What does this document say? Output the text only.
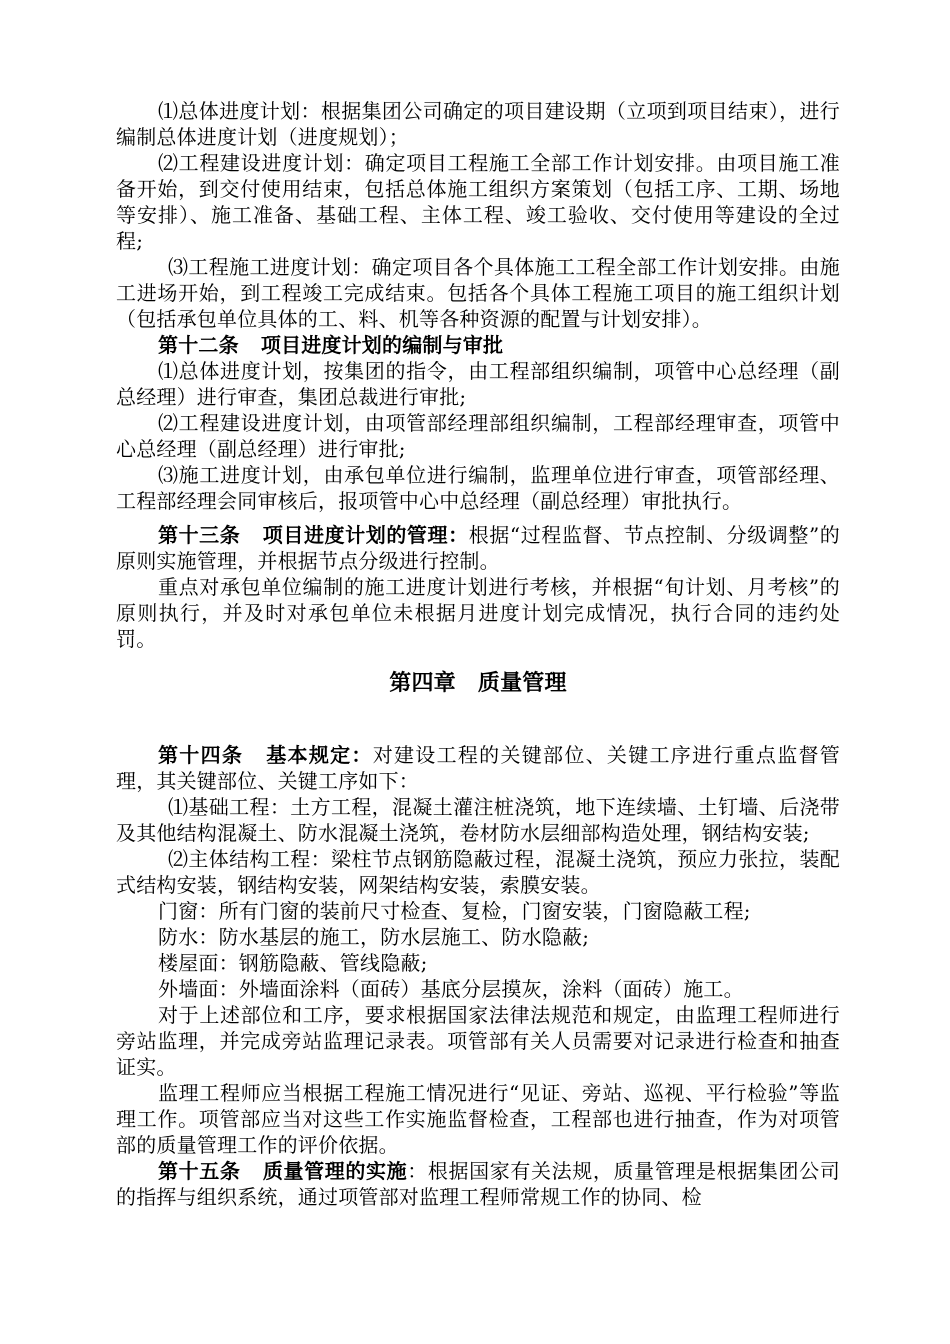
⑴总体进度计划：根据集团公司确定的项目建设期（立项到项目结束），进行编制总体进度计划（进度规划）；

⑵工程建设进度计划：确定项目工程施工全部工作计划安排。由项目施工准备开始，到交付使用结束，包括总体施工组织方案策划（包括工序、工期、场地等安排）、施工准备、基础工程、主体工程、竣工验收、交付使用等建设的全过程;

⑶工程施工进度计划：确定项目各个具体施工工程全部工作计划安排。由施工进场开始，到工程竣工完成结束。包括各个具体工程施工项目的施工组织计划（包括承包单位具体的工、料、机等各种资源的配置与计划安排）。

第十二条 项目进度计划的编制与审批

⑴总体进度计划，按集团的指令，由工程部组织编制，项管中心总经理（副总经理）进行审查，集团总裁进行审批;

⑵工程建设进度计划，由项管部经理部组织编制，工程部经理审查，项管中心总经理（副总经理）进行审批;

⑶施工进度计划，由承包单位进行编制，监理单位进行审查，项管部经理、工程部经理会同审核后，报项管中心中总经理（副总经理）审批执行。

第十三条 项目进度计划的管理：根据“过程监督、节点控制、分级调整”的原则实施管理，并根据节点分级进行控制。

重点对承包单位编制的施工进度计划进行考核，并根据“旬计划、月考核”的原则执行，并及时对承包单位未根据月进度计划完成情况，执行合同的违约处罚。

第四章 质量管理

第十四条 基本规定：对建设工程的关键部位、关键工序进行重点监督管理，其关键部位、关键工序如下：

⑴基础工程：土方工程，混凝土灌注桩浇筑，地下连续墙、土钉墙、后浇带及其他结构混凝土、防水混凝土浇筑，卷材防水层细部构造处理，钢结构安装;

⑵主体结构工程：梁柱节点钢筋隐蔽过程，混凝土浇筑，预应力张拉，装配式结构安装，钢结构安装，网架结构安装，索膜安装。

门窗：所有门窗的装前尺寸检查、复检，门窗安装，门窗隐蔽工程;

防水：防水基层的施工，防水层施工、防水隐蔽;

楼屋面：钢筋隐蔽、管线隐蔽;

外墙面：外墙面涂料（面砖）基底分层摸灰，涂料（面砖）施工。

对于上述部位和工序，要求根据国家法律法规范和规定，由监理工程师进行旁站监理，并完成旁站监理记录表。项管部有关人员需要对记录进行检查和抽查证实。

监理工程师应当根据工程施工情况进行“见证、旁站、巡视、平行检验”等监理工作。项管部应当对这些工作实施监督检查，工程部也进行抽查，作为对项管部的质量管理工作的评价依据。

第十五条 质量管理的实施：根据国家有关法规，质量管理是根据集团公司的指挥与组织系统，通过项管部对监理工程师常规工作的协同、检
